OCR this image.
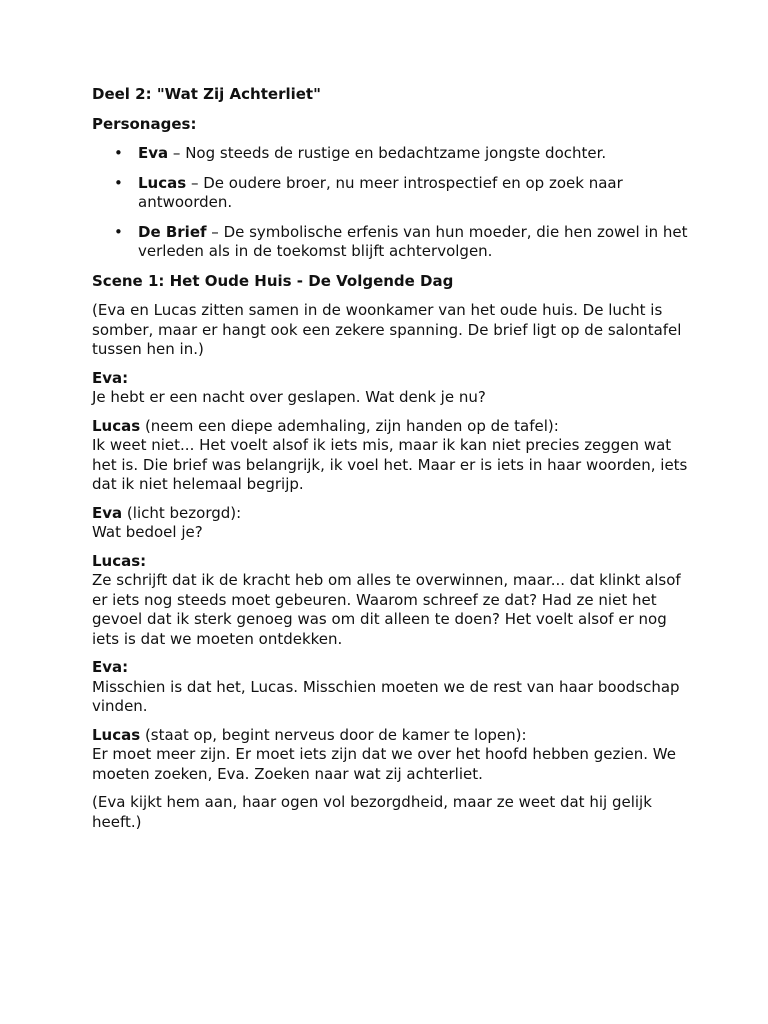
Deel 2: "Wat Zij Achterliet"

Personages:

• Eva – Nog steeds de rustige en bedachtzame jongste dochter.
• Lucas – De oudere broer, nu meer introspectief en op zoek naar antwoorden.
• De Brief – De symbolische erfenis van hun moeder, die hen zowel in het verleden als in de toekomst blijft achtervolgen.

Scene 1: Het Oude Huis - De Volgende Dag

(Eva en Lucas zitten samen in de woonkamer van het oude huis. De lucht is somber, maar er hangt ook een zekere spanning. De brief ligt op de salontafel tussen hen in.)

Eva:
Je hebt er een nacht over geslapen. Wat denk je nu?

Lucas (neem een diepe ademhaling, zijn handen op de tafel):
Ik weet niet... Het voelt alsof ik iets mis, maar ik kan niet precies zeggen wat het is. Die brief was belangrijk, ik voel het. Maar er is iets in haar woorden, iets dat ik niet helemaal begrijp.

Eva (licht bezorgd):
Wat bedoel je?

Lucas:
Ze schrijft dat ik de kracht heb om alles te overwinnen, maar... dat klinkt alsof er iets nog steeds moet gebeuren. Waarom schreef ze dat? Had ze niet het gevoel dat ik sterk genoeg was om dit alleen te doen? Het voelt alsof er nog iets is dat we moeten ontdekken.

Eva:
Misschien is dat het, Lucas. Misschien moeten we de rest van haar boodschap vinden.

Lucas (staat op, begint nerveus door de kamer te lopen):
Er moet meer zijn. Er moet iets zijn dat we over het hoofd hebben gezien. We moeten zoeken, Eva. Zoeken naar wat zij achterliet.

(Eva kijkt hem aan, haar ogen vol bezorgdheid, maar ze weet dat hij gelijk heeft.)
